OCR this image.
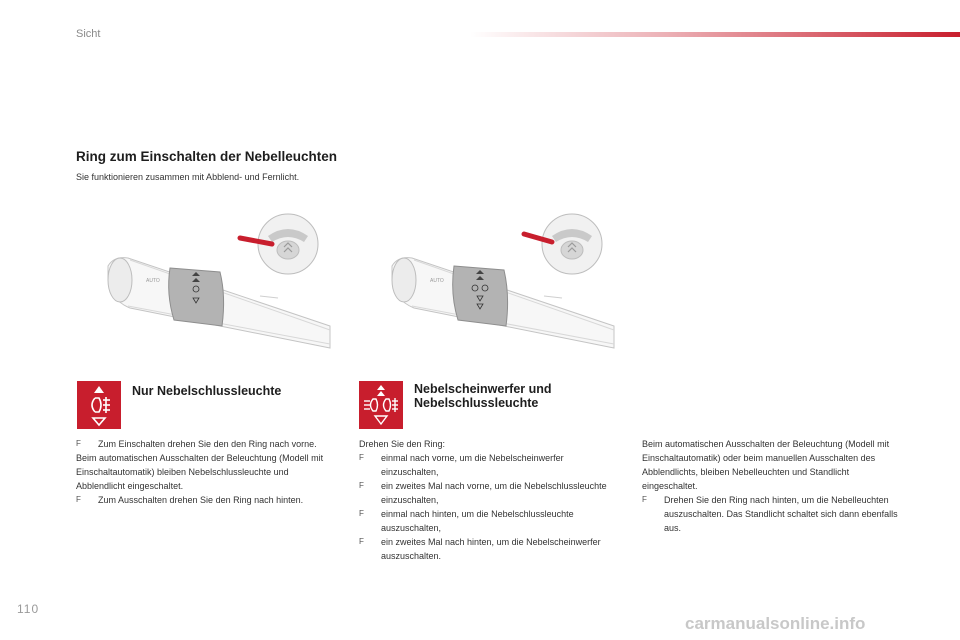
Sicht
Ring zum Einschalten der Nebelleuchten

Sie funktionieren zusammen mit Abblend- und Fernlicht.

AUTO	AUTO
Nur Nebelschlussleuchte	Nebelscheinwerfer und Nebelschlussleuchte

F Zum Einschalten drehen Sie den den Ring nach vorne.

Beim automatischen Ausschalten der Beleuchtung (Modell mit Einschaltautomatik) bleiben Nebelschlussleuchte und Abblendlicht eingeschaltet.

F Zum Ausschalten drehen Sie den Ring nach hinten.

Drehen Sie den Ring:

F einmal nach vorne, um die Nebelscheinwerfer einzuschalten,

F ein zweites Mal nach vorne, um die Nebelschlussleuchte einzuschalten,

F einmal nach hinten, um die Nebelschlussleuchte auszuschalten,

F ein zweites Mal nach hinten, um die Nebelscheinwerfer auszuschalten.

Beim automatischen Ausschalten der Beleuchtung (Modell mit Einschaltautomatik) oder beim manuellen Ausschalten des Abblendlichts, bleiben Nebelleuchten und Standlicht eingeschaltet.

F Drehen Sie den Ring nach hinten, um die Nebelleuchten auszuschalten. Das Standlicht schaltet sich dann ebenfalls aus.

110
carmanualsonline.info
